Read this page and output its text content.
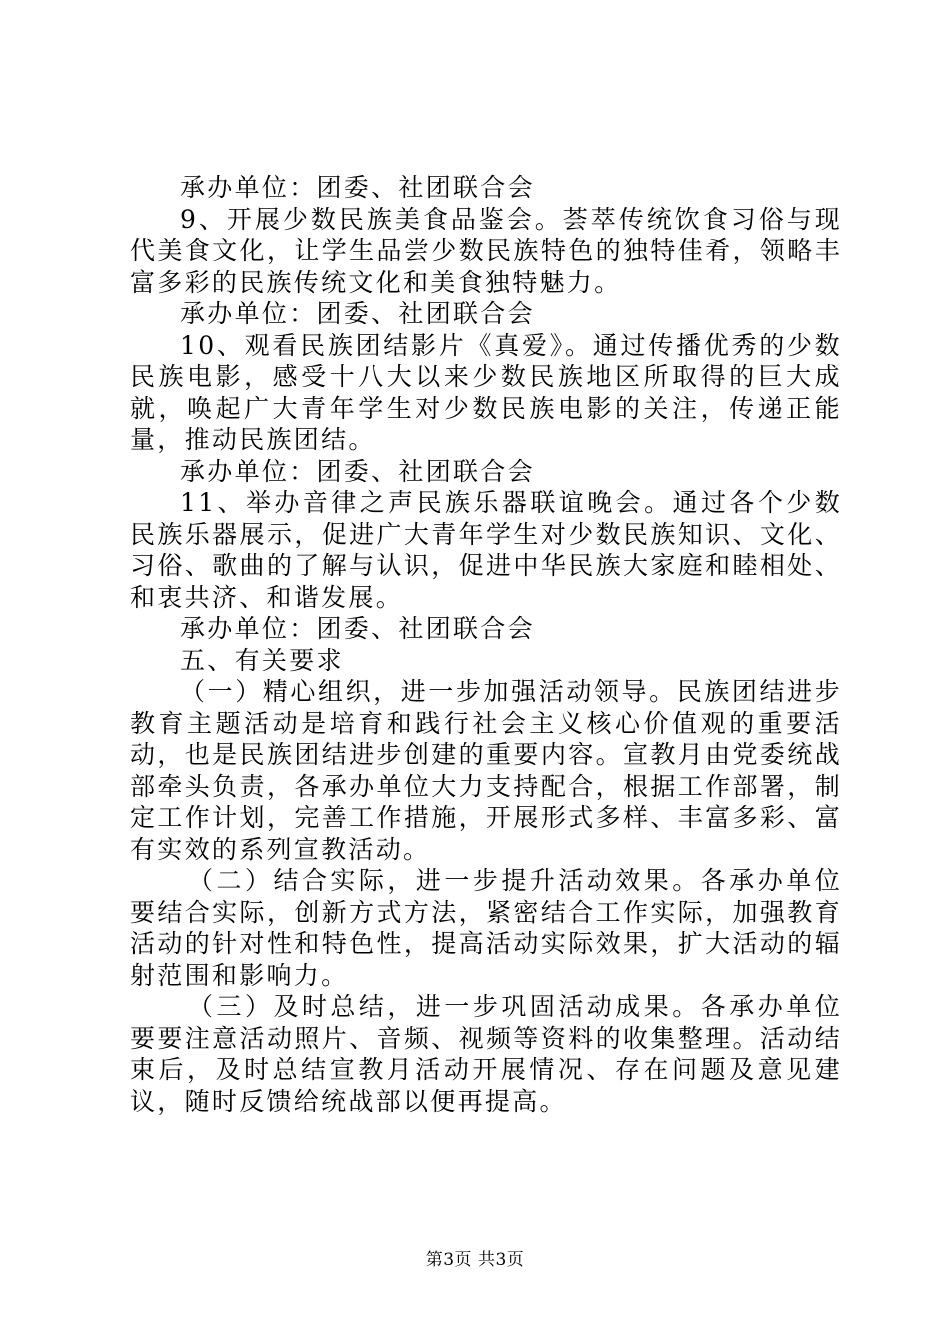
承办单位：团委、社团联合会

9、开展少数民族美食品鉴会。荟萃传统饮食习俗与现代美食文化，让学生品尝少数民族特色的独特佳肴，领略丰富多彩的民族传统文化和美食独特魅力。

承办单位：团委、社团联合会

10、观看民族团结影片《真爱》。通过传播优秀的少数民族电影，感受十八大以来少数民族地区所取得的巨大成就，唤起广大青年学生对少数民族电影的关注，传递正能量，推动民族团结。

承办单位：团委、社团联合会

11、举办音律之声民族乐器联谊晚会。通过各个少数民族乐器展示，促进广大青年学生对少数民族知识、文化、习俗、歌曲的了解与认识，促进中华民族大家庭和睦相处、和衷共济、和谐发展。

承办单位：团委、社团联合会

五、有关要求

（一）精心组织，进一步加强活动领导。民族团结进步教育主题活动是培育和践行社会主义核心价值观的重要活动，也是民族团结进步创建的重要内容。宣教月由党委统战部牵头负责，各承办单位大力支持配合，根据工作部署，制定工作计划，完善工作措施，开展形式多样、丰富多彩、富有实效的系列宣教活动。

（二）结合实际，进一步提升活动效果。各承办单位要结合实际，创新方式方法，紧密结合工作实际，加强教育活动的针对性和特色性，提高活动实际效果，扩大活动的辐射范围和影响力。

（三）及时总结，进一步巩固活动成果。各承办单位要要注意活动照片、音频、视频等资料的收集整理。活动结束后，及时总结宣教月活动开展情况、存在问题及意见建议，随时反馈给统战部以便再提高。

第3页 共3页
